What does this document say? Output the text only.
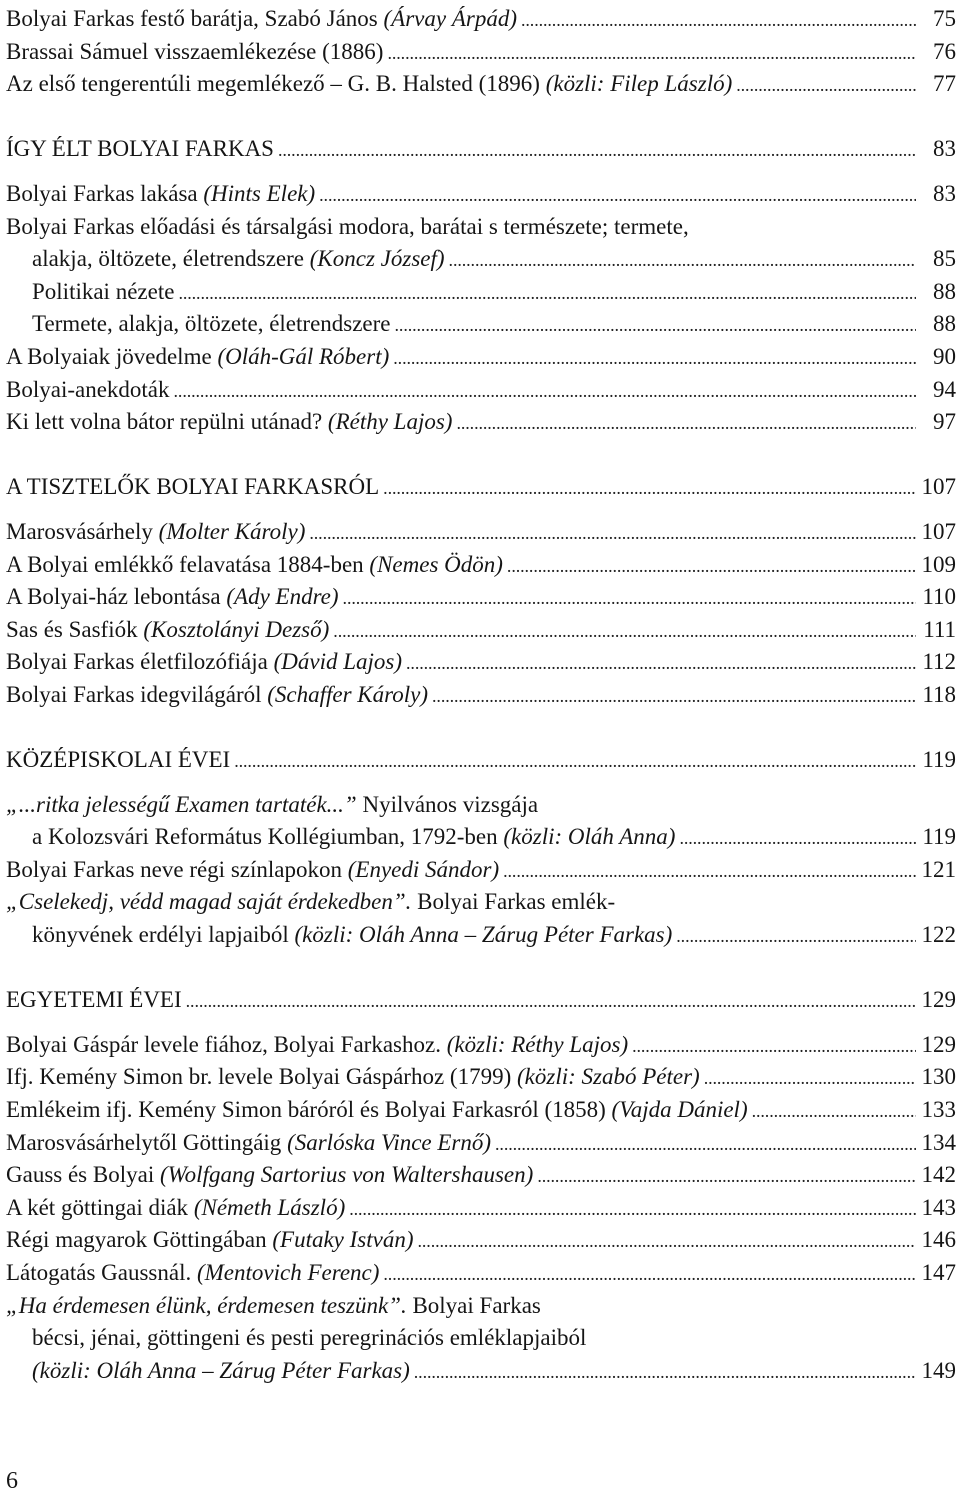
Bolyai Farkas festő barátja, Szabó János (Árvay Árpád) . . .	75
Brassai Sámuel visszaemlékezése (1886) . . .	76
Az első tengerentúli megemlékező – G. B. Halsted (1896) (közli: Filep László) . . .	77
ÍGY ÉLT BOLYAI FARKAS . . .	83
Bolyai Farkas lakása (Hints Elek) . . .	83
Bolyai Farkas előadási és társalgási modora, barátai s természete; termete,
alakja, öltözete, életrendszere (Koncz József) . . .	85
Politikai nézete . . .	88
Termete, alakja, öltözete, életrendszere . . .	88
A Bolyaiak jövedelme (Oláh-Gál Róbert) . . .	90
Bolyai-anekdoták . . .	94
Ki lett volna bátor repülni utánad? (Réthy Lajos) . . .	97
A TISZTELŐK BOLYAI FARKASRÓL . . .	107
Marosvásárhely (Molter Károly) . . .	107
A Bolyai emlékkő felavatása 1884-ben (Nemes Ödön) . . .	109
A Bolyai-ház lebontása (Ady Endre) . . .	110
Sas és Sasfiók (Kosztolányi Dezső) . . .	111
Bolyai Farkas életfilozófiája (Dávid Lajos) . . .	112
Bolyai Farkas idegvilágáról (Schaffer Károly) . . .	118
KÖZÉPISKOLAI ÉVEI . . .	119
„...ritka jelességű Examen tartaték...” Nyilvános vizsgája
a Kolozsvári Református Kollégiumban, 1792-ben (közli: Oláh Anna) . . .	119
Bolyai Farkas neve régi színlapokon (Enyedi Sándor) . . .	121
„Cselekedj, védd magad saját érdekedben”. Bolyai Farkas emlék-
könyvének erdélyi lapjaiból (közli: Oláh Anna – Zárug Péter Farkas) . . .	122
EGYETEMI ÉVEI . . .	129
Bolyai Gáspár levele fiához, Bolyai Farkashoz. (közli: Réthy Lajos) . . .	129
Ifj. Kemény Simon br. levele Bolyai Gáspárhoz (1799) (közli: Szabó Péter) . . .	130
Emlékeim ifj. Kemény Simon báróról és Bolyai Farkasról (1858) (Vajda Dániel) . . .	133
Marosvásárhelytől Göttingáig (Sarlóska Vince Ernő) . . .	134
Gauss és Bolyai (Wolfgang Sartorius von Waltershausen) . . .	142
A két göttingai diák (Németh László) . . .	143
Régi magyarok Göttingában (Futaky István) . . .	146
Látogatás Gaussnál. (Mentovich Ferenc) . . .	147
„Ha érdemesen élünk, érdemesen teszünk”. Bolyai Farkas
bécsi, jénai, göttingeni és pesti peregrinációs emléklapjaiból
(közli: Oláh Anna – Zárug Péter Farkas) . . .	149
6
